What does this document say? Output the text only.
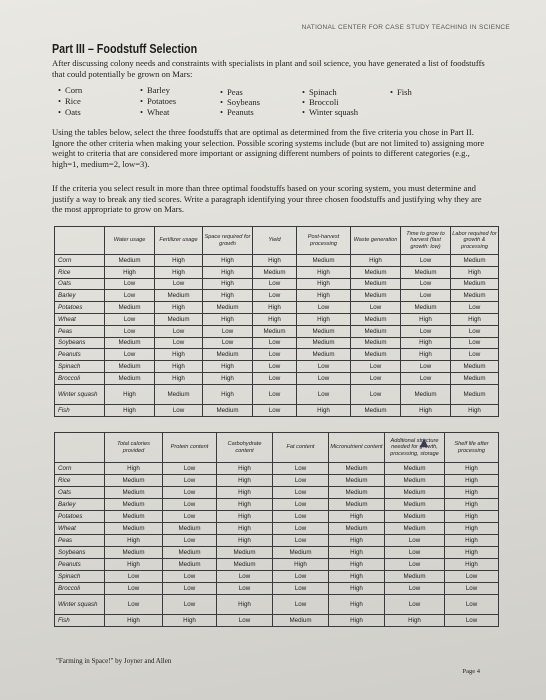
NATIONAL CENTER FOR CASE STUDY TEACHING IN SCIENCE
Part III – Foodstuff Selection
After discussing colony needs and constraints with specialists in plant and soil science, you have generated a list of foodstuffs that could potentially be grown on Mars:
• Corn
• Rice
• Oats
• Barley
• Potatoes
• Wheat
• Peas
• Soybeans
• Peanuts
• Spinach
• Broccoli
• Winter squash
• Fish
Using the tables below, select the three foodstuffs that are optimal as determined from the five criteria you chose in Part II. Ignore the other criteria when making your selection. Possible scoring systems include (but are not limited to) assigning more weight to criteria that are considered more important or assigning different numbers of points to different categories (e.g., high=1, medium=2, low=3).
If the criteria you select result in more than three optimal foodstuffs based on your scoring system, you must determine and justify a way to break any tied scores. Write a paragraph identifying your three chosen foodstuffs and justifying why they are the most appropriate to grow on Mars.
	Water usage	Fertilizer usage	Space required for growth	Yield	Post-harvest processing	Waste generation	Time to grow to harvest (fast growth: low)	Labor required for growth & processing
Corn	Medium	High	High	High	Medium	High	Low	Medium
Rice	High	High	High	Medium	High	Medium	Medium	High
Oats	Low	Low	High	Low	High	Medium	Low	Medium
Barley	Low	Medium	High	Low	High	Medium	Low	Medium
Potatoes	Medium	High	Medium	High	Low	Low	Medium	Low
Wheat	Low	Medium	High	High	High	Medium	High	High
Peas	Low	Low	Low	Medium	Medium	Medium	Low	Low
Soybeans	Medium	Low	Low	Low	Medium	Medium	High	Low
Peanuts	Low	High	Medium	Low	Medium	Medium	High	Low
Spinach	Medium	High	High	Low	Low	Low	Low	Medium
Broccoli	Medium	High	High	Low	Low	Low	Low	Medium
Winter squash	High	Medium	High	Low	Low	Low	Medium	Medium
Fish	High	Low	Medium	Low	High	Medium	High	High
	Total calories provided	Protein content	Carbohydrate content	Fat content	Micronutrient content	Additional structure needed for growth, processing, storage	Shelf life after processing
Corn	High	Low	High	Low	Medium	Medium	High
Rice	Medium	Low	High	Low	Medium	Medium	High
Oats	Medium	Low	High	Low	Medium	Medium	High
Barley	Medium	Low	High	Low	Medium	Medium	High
Potatoes	Medium	Low	High	Low	High	Medium	High
Wheat	Medium	Medium	High	Low	Medium	Medium	High
Peas	High	Low	High	Low	High	Low	High
Soybeans	Medium	Medium	Medium	Medium	High	Low	High
Peanuts	High	Medium	Medium	High	High	Low	High
Spinach	Low	Low	Low	Low	High	Medium	Low
Broccoli	Low	Low	Low	Low	High	Low	Low
Winter squash	Low	Low	High	Low	High	Low	Low
Fish	High	High	Low	Medium	High	High	Low
"Farming in Space!" by Joyner and Allen
Page 4
